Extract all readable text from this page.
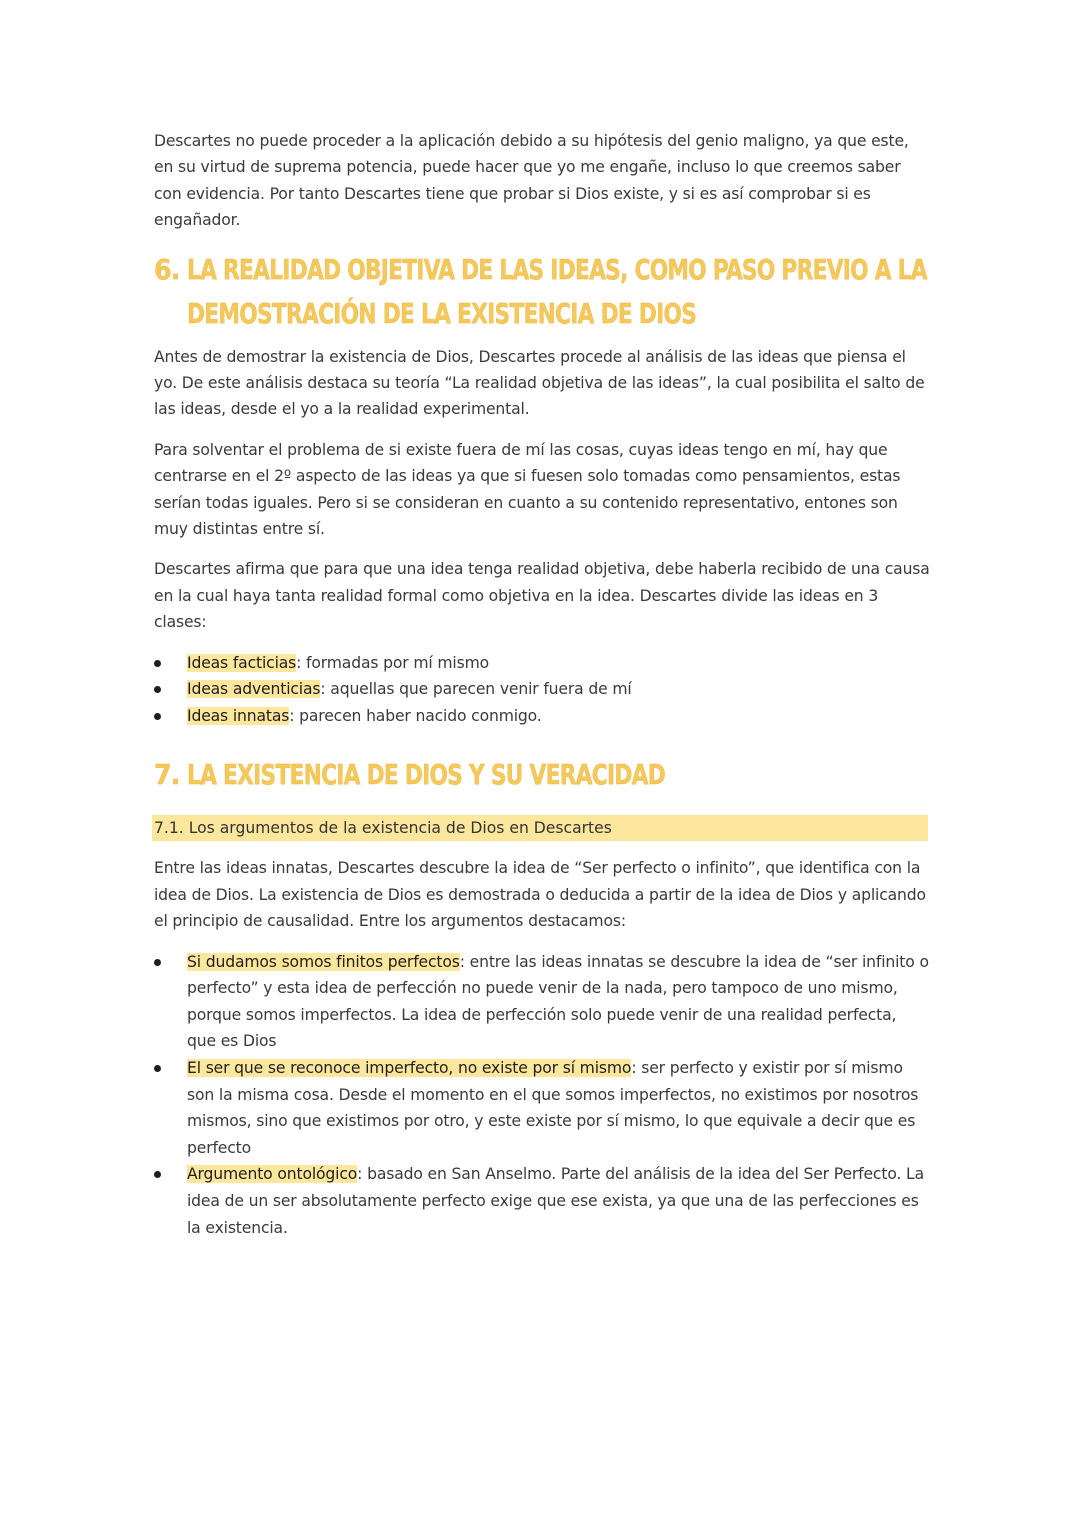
Descartes no puede proceder a la aplicación debido a su hipótesis del genio maligno, ya que este, en su virtud de suprema potencia, puede hacer que yo me engañe, incluso lo que creemos saber con evidencia. Por tanto Descartes tiene que probar si Dios existe, y si es así comprobar si es engañador.

6. LA REALIDAD OBJETIVA DE LAS IDEAS, COMO PASO PREVIO A LA
DEMOSTRACIÓN DE LA EXISTENCIA DE DIOS

Antes de demostrar la existencia de Dios, Descartes procede al análisis de las ideas que piensa el yo. De este análisis destaca su teoría “La realidad objetiva de las ideas”, la cual posibilita el salto de las ideas, desde el yo a la realidad experimental.

Para solventar el problema de si existe fuera de mí las cosas, cuyas ideas tengo en mí, hay que centrarse en el 2º aspecto de las ideas ya que si fuesen solo tomadas como pensamientos, estas serían todas iguales. Pero si se consideran en cuanto a su contenido representativo, entones son muy distintas entre sí.

Descartes afirma que para que una idea tenga realidad objetiva, debe haberla recibido de una causa en la cual haya tanta realidad formal como objetiva en la idea. Descartes divide las ideas en 3 clases:

Ideas facticias: formadas por mí mismo
Ideas adventicias: aquellas que parecen venir fuera de mí
Ideas innatas: parecen haber nacido conmigo.
7. LA EXISTENCIA DE DIOS Y SU VERACIDAD
7.1. Los argumentos de la existencia de Dios en Descartes

Entre las ideas innatas, Descartes descubre la idea de “Ser perfecto o infinito”, que identifica con la idea de Dios. La existencia de Dios es demostrada o deducida a partir de la idea de Dios y aplicando el principio de causalidad. Entre los argumentos destacamos:

Si dudamos somos finitos perfectos: entre las ideas innatas se descubre la idea de “ser infinito o perfecto” y esta idea de perfección no puede venir de la nada, pero tampoco de uno mismo, porque somos imperfectos. La idea de perfección solo puede venir de una realidad perfecta, que es Dios
El ser que se reconoce imperfecto, no existe por sí mismo: ser perfecto y existir por sí mismo son la misma cosa. Desde el momento en el que somos imperfectos, no existimos por nosotros mismos, sino que existimos por otro, y este existe por sí mismo, lo que equivale a decir que es perfecto
Argumento ontológico: basado en San Anselmo. Parte del análisis de la idea del Ser Perfecto. La idea de un ser absolutamente perfecto exige que ese exista, ya que una de las perfecciones es la existencia.
